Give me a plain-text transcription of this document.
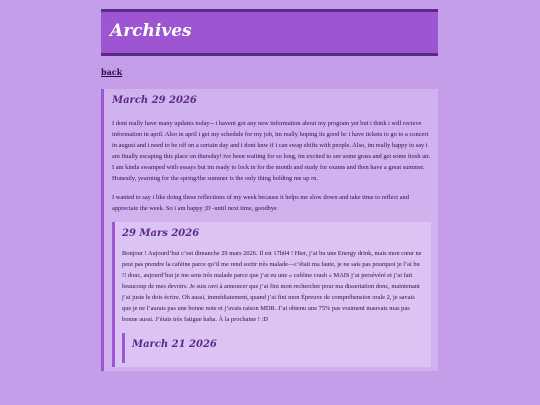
Archives
back
March 29 2026

I dont really have many updates today-- i havent got any new information about my program yet but i think i will recieve information in april. Also in april i get my schedule for my job, im really hoping its good bc i have tickets to go to a concert in august and i need to be off on a certain day and i dont knw if i can swap shifts with people. Also, im really happy to say i am finally escaping this place on thursday! ive been waiting for so long, im excited to see some grass and get some fresh air. I am kinda swamped with essays but im ready to lock in for the month and study for exams and then have a great summer. Honestly, yearning for the spring/the summer is the only thing holding me up rn.

I wanted to say i like doing these reflections of my week because it helps me slow down and take time to reflect and appreciate the week. So i am happy ;D -until next time, goodbye

29 Mars 2026

Bonjour ! Aujourd’hui c’est dimanche 29 mars 2026. Il est 17h04 ! Hier, j’ai bu une Energy drink, mais mon cœur ne peut pas prendre la caféine parce qu’il me rend sortir très malade—c’était ma faute, je ne sais pas pourquoi je l’ai bu !! donc, aujourd’hui je me sens très malade parce que j’ai eu une « caféine crash » MAIS j’ai persévéré et j’ai fait beaucoup de mes devoirs. Je suis ravi à annoncer que j’ai fini mon rechercher pour ma dissertation donc, maintenant j’ai juste le dois écrire. Oh aussi, immédiatement, quand j’ai fini mon Épreuve de compréhension orale 2, je savais que je ne l’aurais pas une bonne note et j’avais raison MDR. J’ai obtenu une 75% pas vraiment mauvais mas pas bonne aussi. J’étais très fatigue haha. À la prochaine ! :D

March 21 2026
